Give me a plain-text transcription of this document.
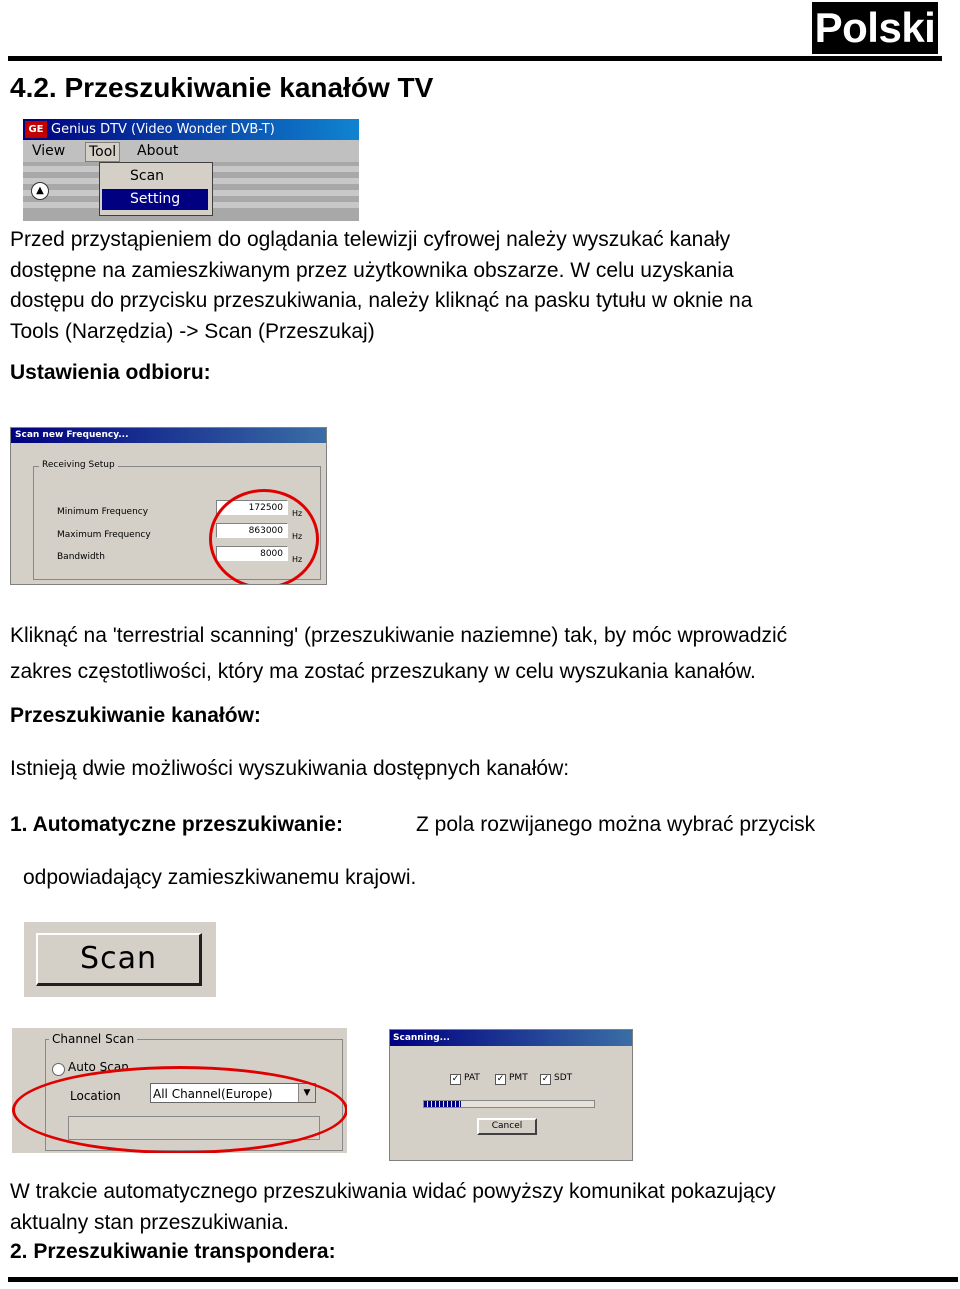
Polski
4.2. Przeszukiwanie kanałów TV
GE Genius DTV (Video Wonder DVB-T)
View Tool About
▲
Scan
Setting
Przed przystąpieniem do oglądania telewizji cyfrowej należy wyszukać kanały
dostępne na zamieszkiwanym przez użytkownika obszarze. W celu uzyskania
dostępu do przycisku przeszukiwania, należy kliknąć na pasku tytułu w oknie na
Tools (Narzędzia) -> Scan (Przeszukaj)
Ustawienia odbioru:
Scan new Frequency...
Receiving Setup
Minimum Frequency	172500
Hz
Maximum Frequency	863000
Hz
Bandwidth	8000
Hz
Kliknąć na 'terrestrial scanning' (przeszukiwanie naziemne) tak, by móc wprowadzić
zakres częstotliwości, który ma zostać przeszukany w celu wyszukania kanałów.
Przeszukiwanie kanałów:
Istnieją dwie możliwości wyszukiwania dostępnych kanałów:
1. Automatyczne przeszukiwanie:	Z pola rozwijanego można wybrać przycisk
odpowiadający zamieszkiwanemu krajowi.
Scan
Channel Scan
Auto Scan
Location	All Channel(Europe)	▼
Scanning...
✓ PAT ✓ PMT ✓ SDT
Cancel
W trakcie automatycznego przeszukiwania widać powyższy komunikat pokazujący
aktualny stan przeszukiwania.
2. Przeszukiwanie transpondera:
